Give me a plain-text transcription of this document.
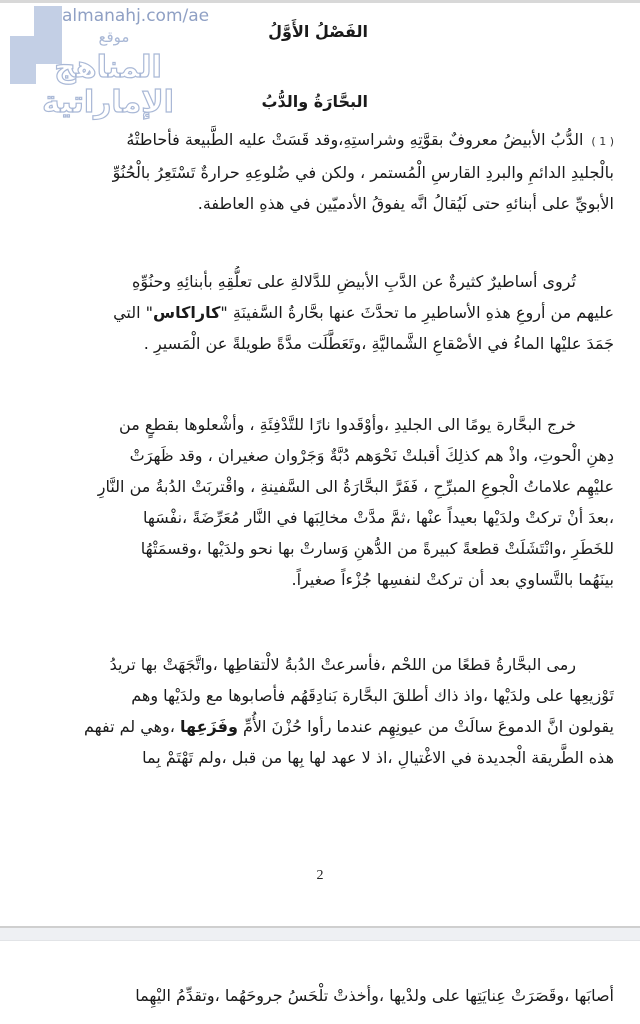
almanahj.com/ae
موقع
المناهج الإماراتية
الفَصْلُ الأَوَّلُ
البحَّارَةُ والدُّبُ
( 1 )الدُّبُ الأبيضُ معروفٌ بقوَّتِهِ وشراستِهِ،وقد قَسَتْ عليه الطَّبيعة فأحاطتْهُ
بالْجليدِ الدائمِ والبردِ القارسِ الْمُستمر ، ولكن في ضُلوعِهِ حرارةٌ تَسْتَعِرُ بالْحُنُوِّ
الأبويِّ على أبنائهِ حتى لَيُقالُ انَّه يفوقُ الأدميّين في هذهِ العاطفة.
تُروى أساطيرٌ كثيرةٌ عن الدَّبِ الأبيضِ للدَّلالةِ على تعلُّقِهِ بأبنائِهِ وحنُوِّهِ
عليهم من أروعِ هذهِ الأساطيرِ ما تحدَّثَ عنها بحَّارةُ السَّفينَةِ "كاراكاس" التي
جَمَدَ عليْها الماءُ في الأصْقاعِ الشَّماليَّةِ ،وتَعَطَّلَت مدَّةً طويلةً عن الْمَسيرِ .
خرج البحَّارة يومًا الى الجليدِ ،وأوْقَدوا نارًا للتَّدْفِئَةِ ، وأشْعلوها بقطعٍ من
دِهنِ الْحوتِ، واذْ هم كذلِكَ أقبلتْ نَحْوَهم دُبَّةٌ وَجَرْوان صغيران ، وقد ظَهرَتْ
عليْهِم علاماتُ الْجوعِ المبرِّحِ ، فَفَرَّ البحَّارَةُ الى السَّفينةِ ، واقْتربَتْ الدُبةُ من النَّارِ
،بعدَ أنْ تركتْ ولدَيْها بعيداً عنْها ،ثمَّ مدَّتْ مخالِبَها في النَّار مُعَرِّضَةً ،نفْسَها
للخَطَرِ ،وانْتَشَلَتْ قطعةً كبيرةً من الدُّهنِ وَسارتْ بها نحو ولدَيْها ،وقسمَتْهُا
بينَهُما بالتَّساوي بعد أن تركتْ لنفسِها جُزْءاً صغيراً.
رمى البحَّارةُ قطعًا من اللحْم ،فأسرعتْ الدُبةُ لالْتقاطِها ،واتَّجَهَتْ بها تريدُ
تَوْزيعِها على ولدَيْها ،واذ ذاك أطلقَ البحَّارة بَنادِقَهُم فأصابوها مع ولدَيْها وهم
يقولون انَّ الدموعَ سالَتْ من عيونِهِم عندما رأوا حُزْنَ الأُمِّ وفَزَعِها ،وهي لم تفهم
هذه الطَّريقة الْجديدة في الاغْتيالِ ،اذ لا عهد لها بِها من قبل ،ولم تَهْتَمْ بِما
2
أصابَها ،وقَصَرَتْ عِنايَتِها على ولدْيها ،وأخذتْ تلْحَسُ جروحَهُما ،وتقدِّمُ اليْهِما
